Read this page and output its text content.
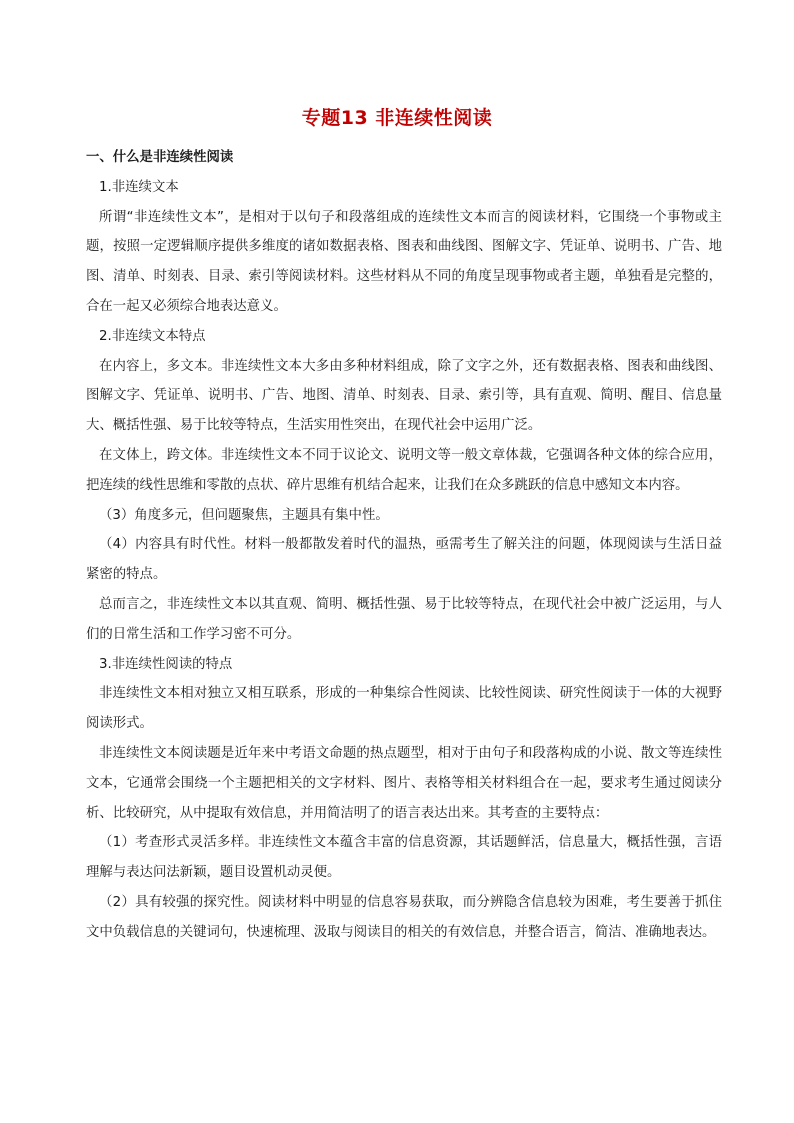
专题13 非连续性阅读

一、什么是非连续性阅读

1.非连续文本

所谓“非连续性文本”，是相对于以句子和段落组成的连续性文本而言的阅读材料，它围绕一个事物或主题，按照一定逻辑顺序提供多维度的诸如数据表格、图表和曲线图、图解文字、凭证单、说明书、广告、地图、清单、时刻表、目录、索引等阅读材料。这些材料从不同的角度呈现事物或者主题，单独看是完整的，合在一起又必须综合地表达意义。

2.非连续文本特点

在内容上，多文本。非连续性文本大多由多种材料组成，除了文字之外，还有数据表格、图表和曲线图、图解文字、凭证单、说明书、广告、地图、清单、时刻表、目录、索引等，具有直观、简明、醒目、信息量大、概括性强、易于比较等特点，生活实用性突出，在现代社会中运用广泛。

在文体上，跨文体。非连续性文本不同于议论文、说明文等一般文章体裁，它强调各种文体的综合应用，把连续的线性思维和零散的点状、碎片思维有机结合起来，让我们在众多跳跃的信息中感知文本内容。

（3）角度多元，但问题聚焦，主题具有集中性。

（4）内容具有时代性。材料一般都散发着时代的温热，亟需考生了解关注的问题，体现阅读与生活日益紧密的特点。

总而言之，非连续性文本以其直观、简明、概括性强、易于比较等特点，在现代社会中被广泛运用，与人们的日常生活和工作学习密不可分。

3.非连续性阅读的特点

非连续性文本相对独立又相互联系，形成的一种集综合性阅读、比较性阅读、研究性阅读于一体的大视野阅读形式。

非连续性文本阅读题是近年来中考语文命题的热点题型，相对于由句子和段落构成的小说、散文等连续性文本，它通常会围绕一个主题把相关的文字材料、图片、表格等相关材料组合在一起，要求考生通过阅读分析、比较研究，从中提取有效信息，并用简洁明了的语言表达出来。其考查的主要特点：

（1）考查形式灵活多样。非连续性文本蕴含丰富的信息资源，其话题鲜活，信息量大，概括性强，言语理解与表达问法新颖，题目设置机动灵便。

（2）具有较强的探究性。阅读材料中明显的信息容易获取，而分辨隐含信息较为困难，考生要善于抓住文中负载信息的关键词句，快速梳理、汲取与阅读目的相关的有效信息，并整合语言，简洁、准确地表达。
